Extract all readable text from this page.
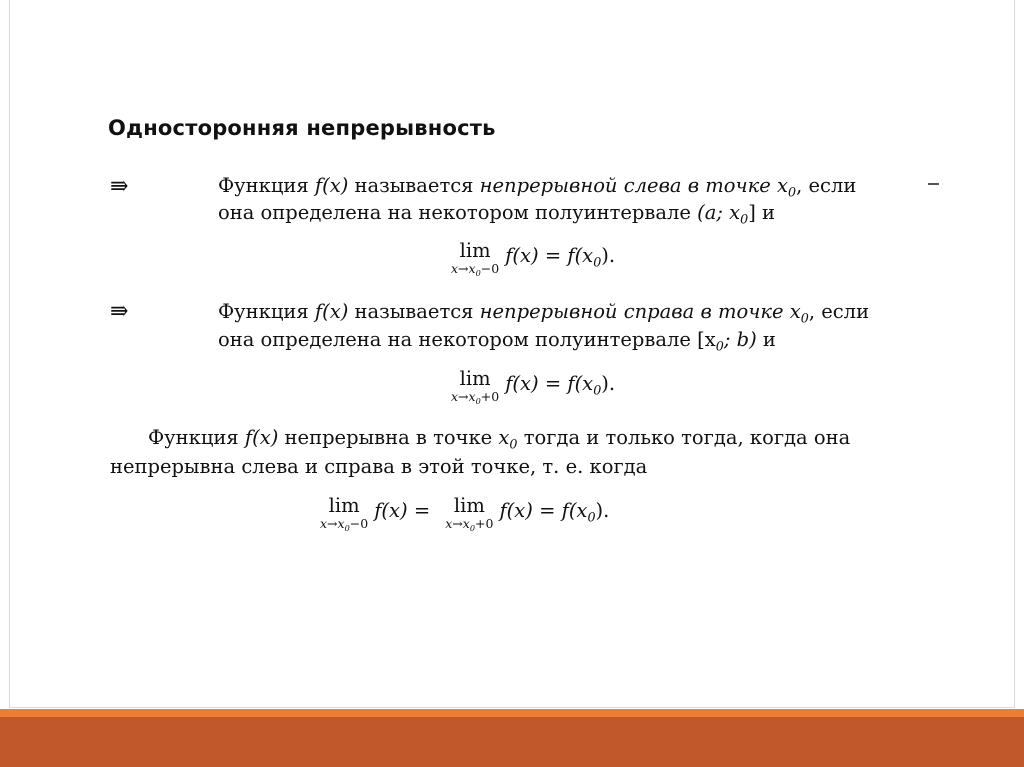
Односторонняя непрерывность
⇛	Функция f(x) называется непрерывной слева в точке $x_0$, если
она определена на некотором полуинтервале (a; $x_0$] и
lim
$x\to x_0-0$
$f(x) = f(x_0)$.
⇛	Функция f(x) называется непрерывной справа в точке $x_0$, если
она определена на некотором полуинтервале [$x_0$; b) и
lim
$x\to x_0+0$
$f(x) = f(x_0)$.
Функция f(x) непрерывна в точке $x_0$ тогда и только тогда, когда она
непрерывна слева и справа в этой точке, т. е. когда
lim
$x\to x_0-0$
f(x) = lim
$x\to x_0+0$
$f(x) = f(x_0)$.
